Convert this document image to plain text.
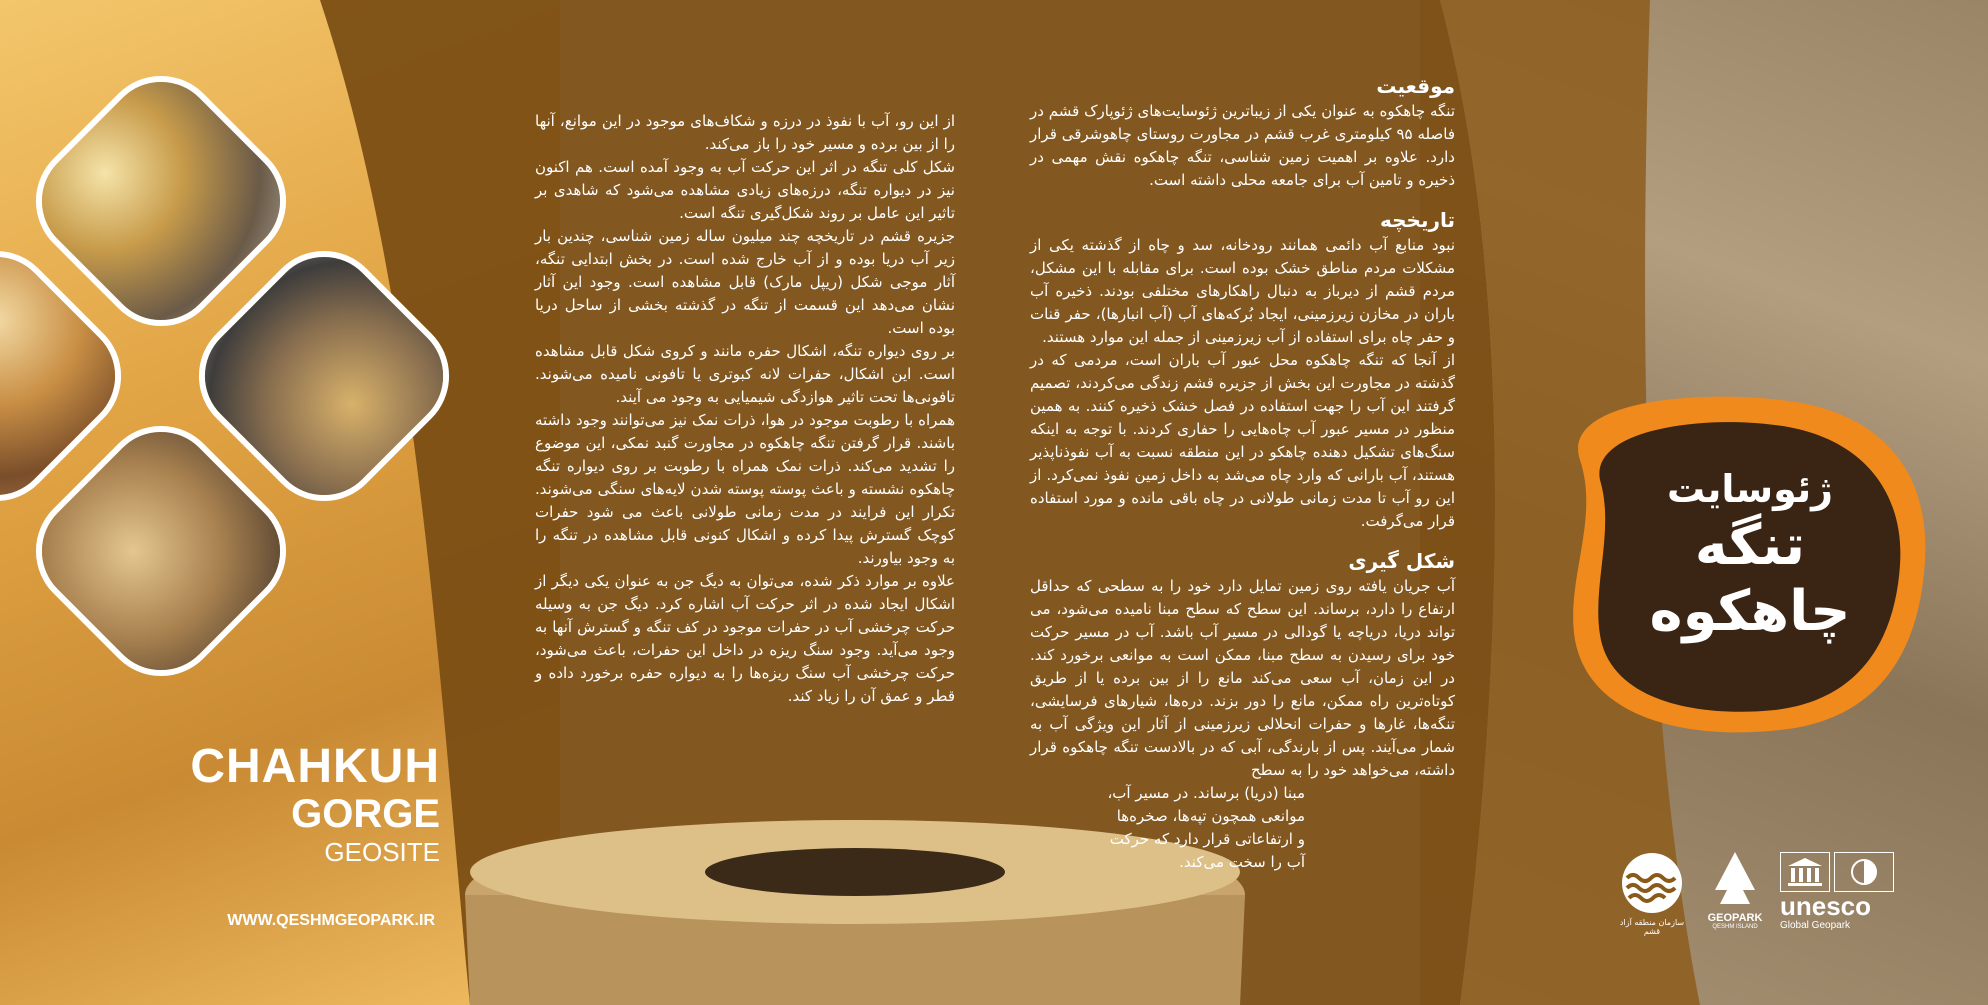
CHAHKUH
GORGE
GEOSITE
WWW.QESHMGEOPARK.IR

از این رو، آب با نفوذ در درزه و شکاف‌های موجود در این موانع، آنها را از بین برده و مسیر خود را باز می‌کند.

شکل کلی تنگه در اثر این حرکت آب به وجود آمده است. هم اکنون نیز در دیواره تنگه، درزه‌های زیادی مشاهده می‌شود که شاهدی بر تاثیر این عامل بر روند شکل‌گیری تنگه است.

جزیره قشم در تاریخچه چند میلیون ساله زمین شناسی، چندین بار زیر آب دریا بوده و از آب خارج شده است. در بخش ابتدایی تنگه، آثار موجی شکل (ریپل مارک) قابل مشاهده است. وجود این آثار نشان می‌دهد این قسمت از تنگه در گذشته بخشی از ساحل دریا بوده است.

بر روی دیواره تنگه، اشکال حفره مانند و کروی شکل قابل مشاهده است. این اشکال، حفرات لانه کبوتری یا تافونی نامیده می‌شوند. تافونی‌ها تحت تاثیر هوازدگی شیمیایی به وجود می آیند.

همراه با رطوبت موجود در هوا، ذرات نمک نیز می‌توانند وجود داشته باشند. قرار گرفتن تنگه چاهکوه در مجاورت گنبد نمکی، این موضوع را تشدید می‌کند. ذرات نمک همراه با رطوبت بر روی دیواره تنگه چاهکوه نشسته و باعث پوسته پوسته شدن لایه‌های سنگی می‌شوند. تکرار این فرایند در مدت زمانی طولانی باعث می شود حفرات کوچک گسترش پیدا کرده و اشکال کنونی قابل مشاهده در تنگه را به وجود بیاورند.

علاوه بر موارد ذکر شده، می‌توان به دیگ جن به عنوان یکی دیگر از اشکال ایجاد شده در اثر حرکت آب اشاره کرد. دیگ جن به وسیله حرکت چرخشی آب در حفرات موجود در کف تنگه و گسترش آنها به وجود می‌آید. وجود سنگ ریزه در داخل این حفرات، باعث می‌شود، حرکت چرخشی آب سنگ ریزه‌ها را به دیواره حفره برخورد داده و قطر و عمق آن را زیاد کند.

موقعیت

تنگه چاهکوه به عنوان یکی از زیباترین ژئوسایت‌های ژئوپارک قشم در فاصله ۹۵ کیلومتری غرب قشم در مجاورت روستای چاهوشرقی قرار دارد. علاوه بر اهمیت زمین شناسی، تنگه چاهکوه نقش مهمی در ذخیره و تامین آب برای جامعه محلی داشته است.

تاریخچه

نبود منابع آب دائمی همانند رودخانه، سد و چاه از گذشته یکی از مشکلات مردم مناطق خشک بوده است. برای مقابله با این مشکل، مردم قشم از دیرباز به دنبال راهکارهای مختلفی بودند. ذخیره آب باران در مخازن زیرزمینی، ایجاد بُرکه‌های آب (آب انبارها)، حفر قنات و حفر چاه برای استفاده از آب زیرزمینی از جمله این موارد هستند.

از آنجا که تنگه چاهکوه محل عبور آب باران است، مردمی که در گذشته در مجاورت این بخش از جزیره قشم زندگی می‌کردند، تصمیم گرفتند این آب را جهت استفاده در فصل خشک ذخیره کنند. به همین منظور در مسیر عبور آب چاه‌هایی را حفاری کردند. با توجه به اینکه سنگ‌های تشکیل دهنده چاهکو در این منطقه نسبت به آب نفوذناپذیر هستند، آب بارانی که وارد چاه می‌شد به داخل زمین نفوذ نمی‌کرد. از این رو آب تا مدت زمانی طولانی در چاه باقی مانده و مورد استفاده قرار می‌گرفت.

شکل گیری

آب جریان یافته روی زمین تمایل دارد خود را به سطحی که حداقل ارتفاع را دارد، برساند. این سطح که سطح مبنا نامیده می‌شود، می تواند دریا، دریاچه یا گودالی در مسیر آب باشد. آب در مسیر حرکت خود برای رسیدن به سطح مبنا، ممکن است به موانعی برخورد کند. در این زمان، آب سعی می‌کند مانع را از بین برده یا از طریق کوتاه‌ترین راه ممکن، مانع را دور بزند. دره‌ها، شیارهای فرسایشی، تنگه‌ها، غارها و حفرات انحلالی زیرزمینی از آثار این ویژگی آب به شمار می‌آیند. پس از بارندگی، آبی که در بالادست تنگه چاهکوه قرار داشته، می‌خواهد خود را به سطح

مبنا (دریا) برساند. در مسیر آب،
موانعی همچون تپه‌ها، صخره‌ها
و ارتفاعاتی قرار دارد که حرکت
آب را سخت می‌کند.
ژئوسایت
تنگه
چاهکوه
سازمان منطقه آزاد قشم
GEOPARK
QESHM ISLAND
unesco
Global Geopark
